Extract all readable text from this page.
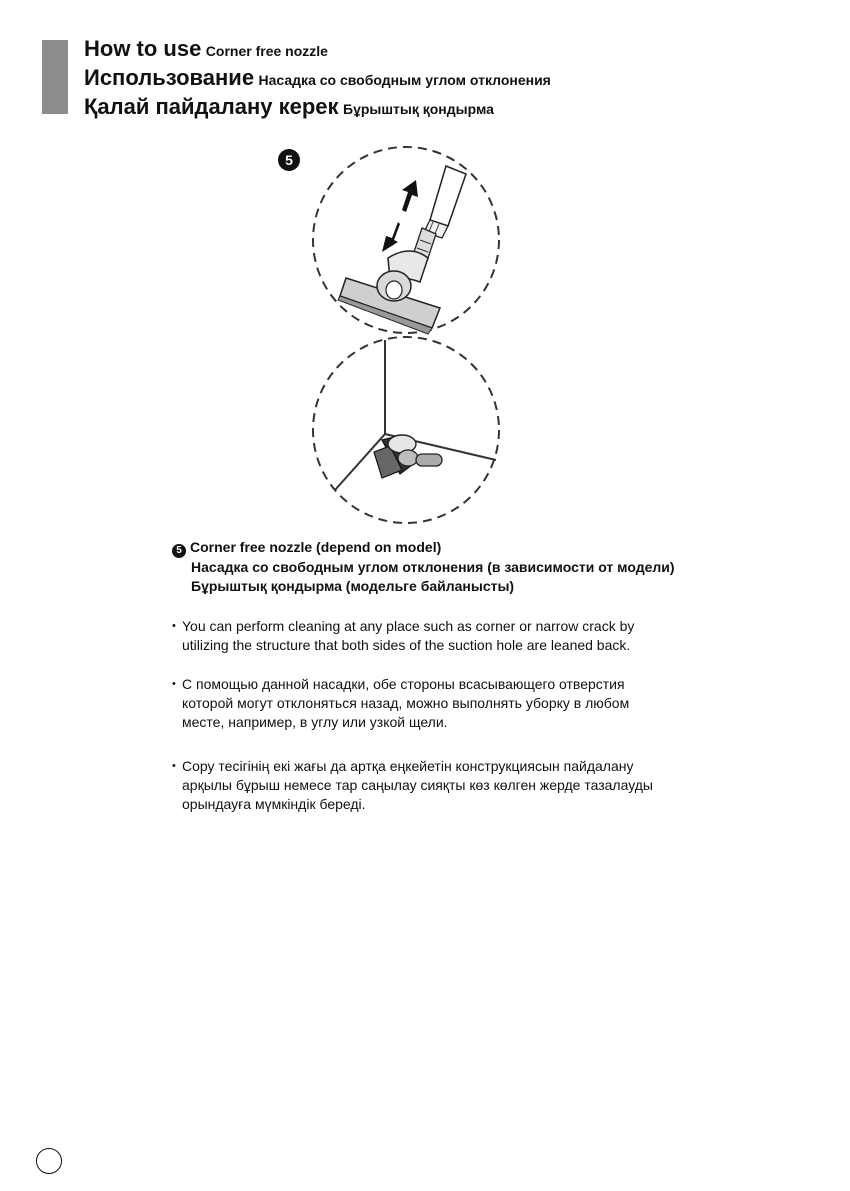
How to use Corner free nozzle
Использование Насадка со свободным углом отклонения
Қалай пайдалану керек Бұрыштық қондырма
5
5 Corner free nozzle (depend on model)
Насадка со свободным углом отклонения (в зависимости от модели)
Бұрыштық қондырма (модельге байланысты)
• You can perform cleaning at any place such as corner or narrow crack by
utilizing the structure that both sides of the suction hole are leaned back.
• С помощью данной насадки, обе стороны всасывающего отверстия
которой могут отклоняться назад, можно выполнять уборку в любом
месте, например, в углу или узкой щели.
• Сору тесігінің екі жағы да артқа еңкейетін конструкциясын пайдалану
арқылы бұрыш немесе тар саңылау сияқты көз көлген жерде тазалауды
орындауға мүмкіндік береді.
